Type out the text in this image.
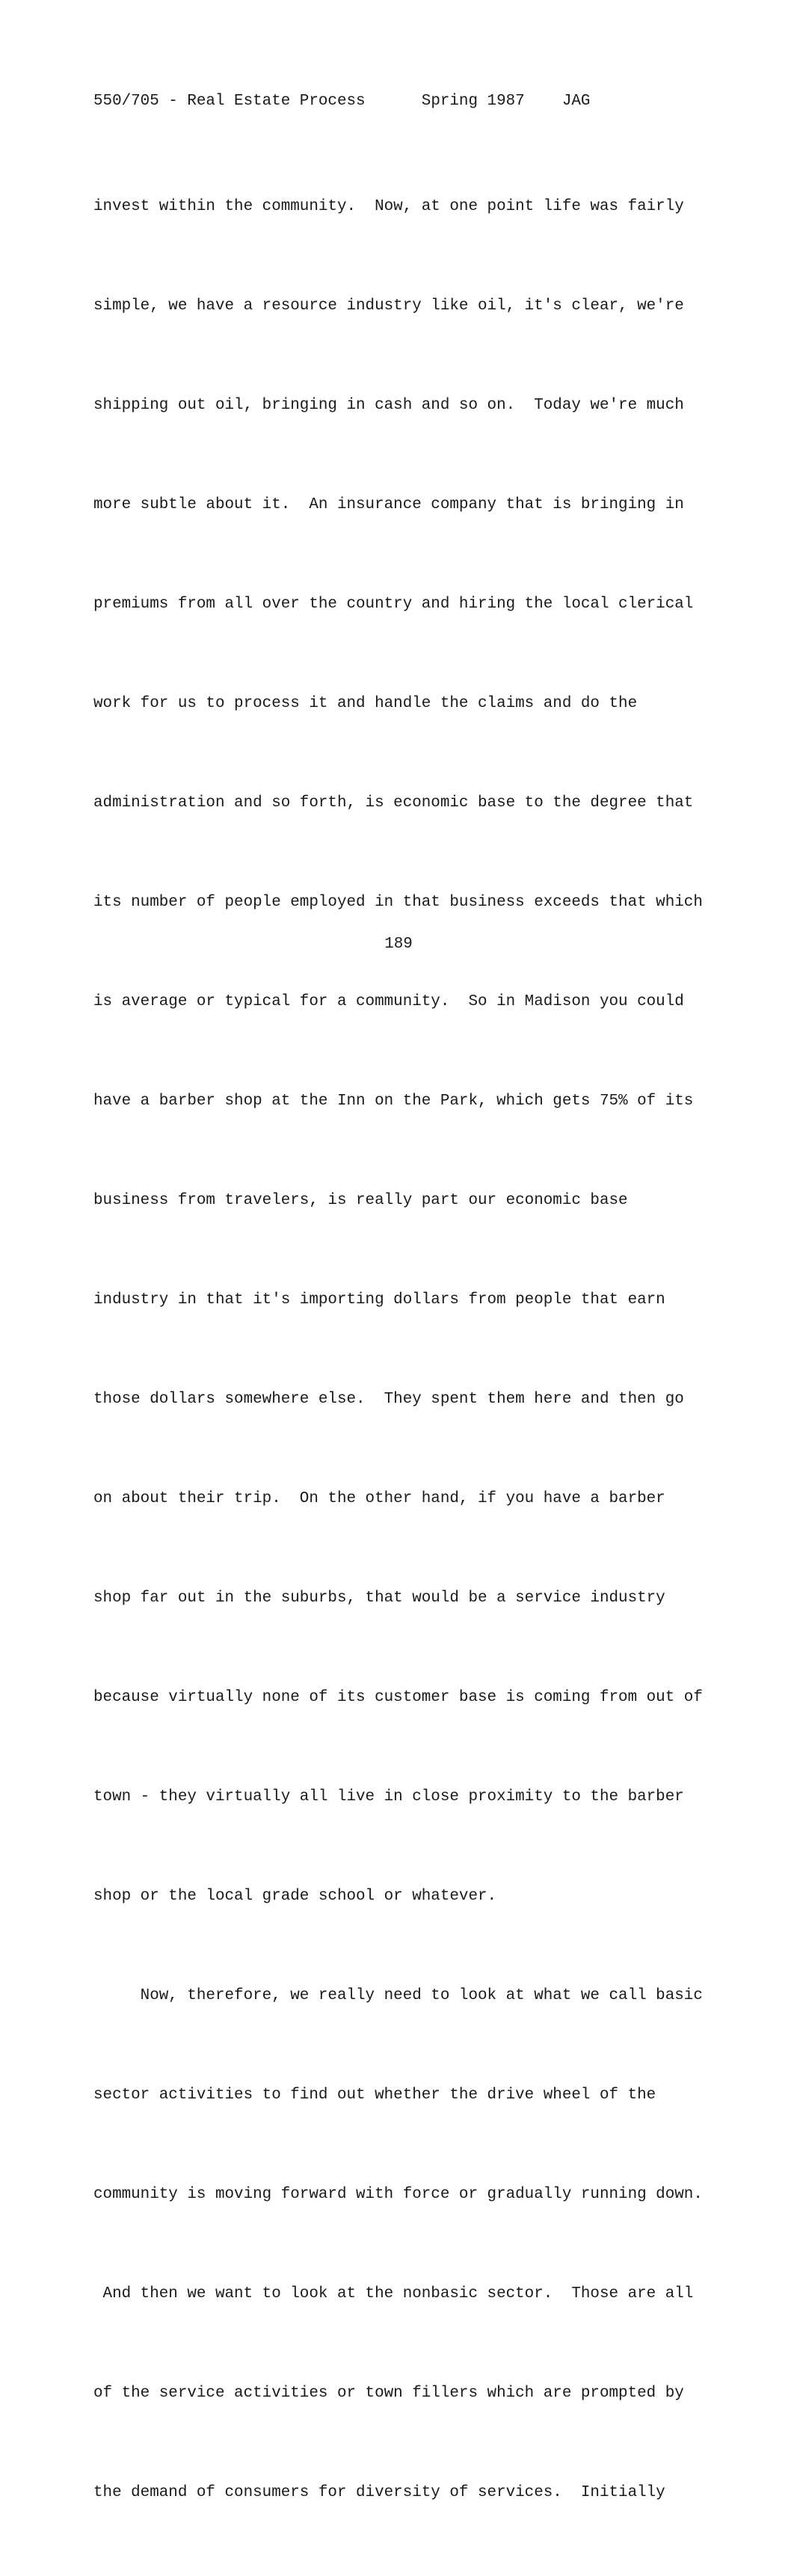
550/705 - Real Estate Process	Spring 1987 JAG

invest within the community.  Now, at one point life was fairly

simple, we have a resource industry like oil, it's clear, we're

shipping out oil, bringing in cash and so on.  Today we're much

more subtle about it.  An insurance company that is bringing in

premiums from all over the country and hiring the local clerical

work for us to process it and handle the claims and do the

administration and so forth, is economic base to the degree that

its number of people employed in that business exceeds that which

is average or typical for a community.  So in Madison you could

have a barber shop at the Inn on the Park, which gets 75% of its

business from travelers, is really part our economic base

industry in that it's importing dollars from people that earn

those dollars somewhere else.  They spent them here and then go

on about their trip.  On the other hand, if you have a barber

shop far out in the suburbs, that would be a service industry

because virtually none of its customer base is coming from out of

town - they virtually all live in close proximity to the barber

shop or the local grade school or whatever.

Now, therefore, we really need to look at what we call basic

sector activities to find out whether the drive wheel of the

community is moving forward with force or gradually running down.

And then we want to look at the nonbasic sector.  Those are all

of the service activities or town fillers which are prompted by

the demand of consumers for diversity of services.  Initially

189
